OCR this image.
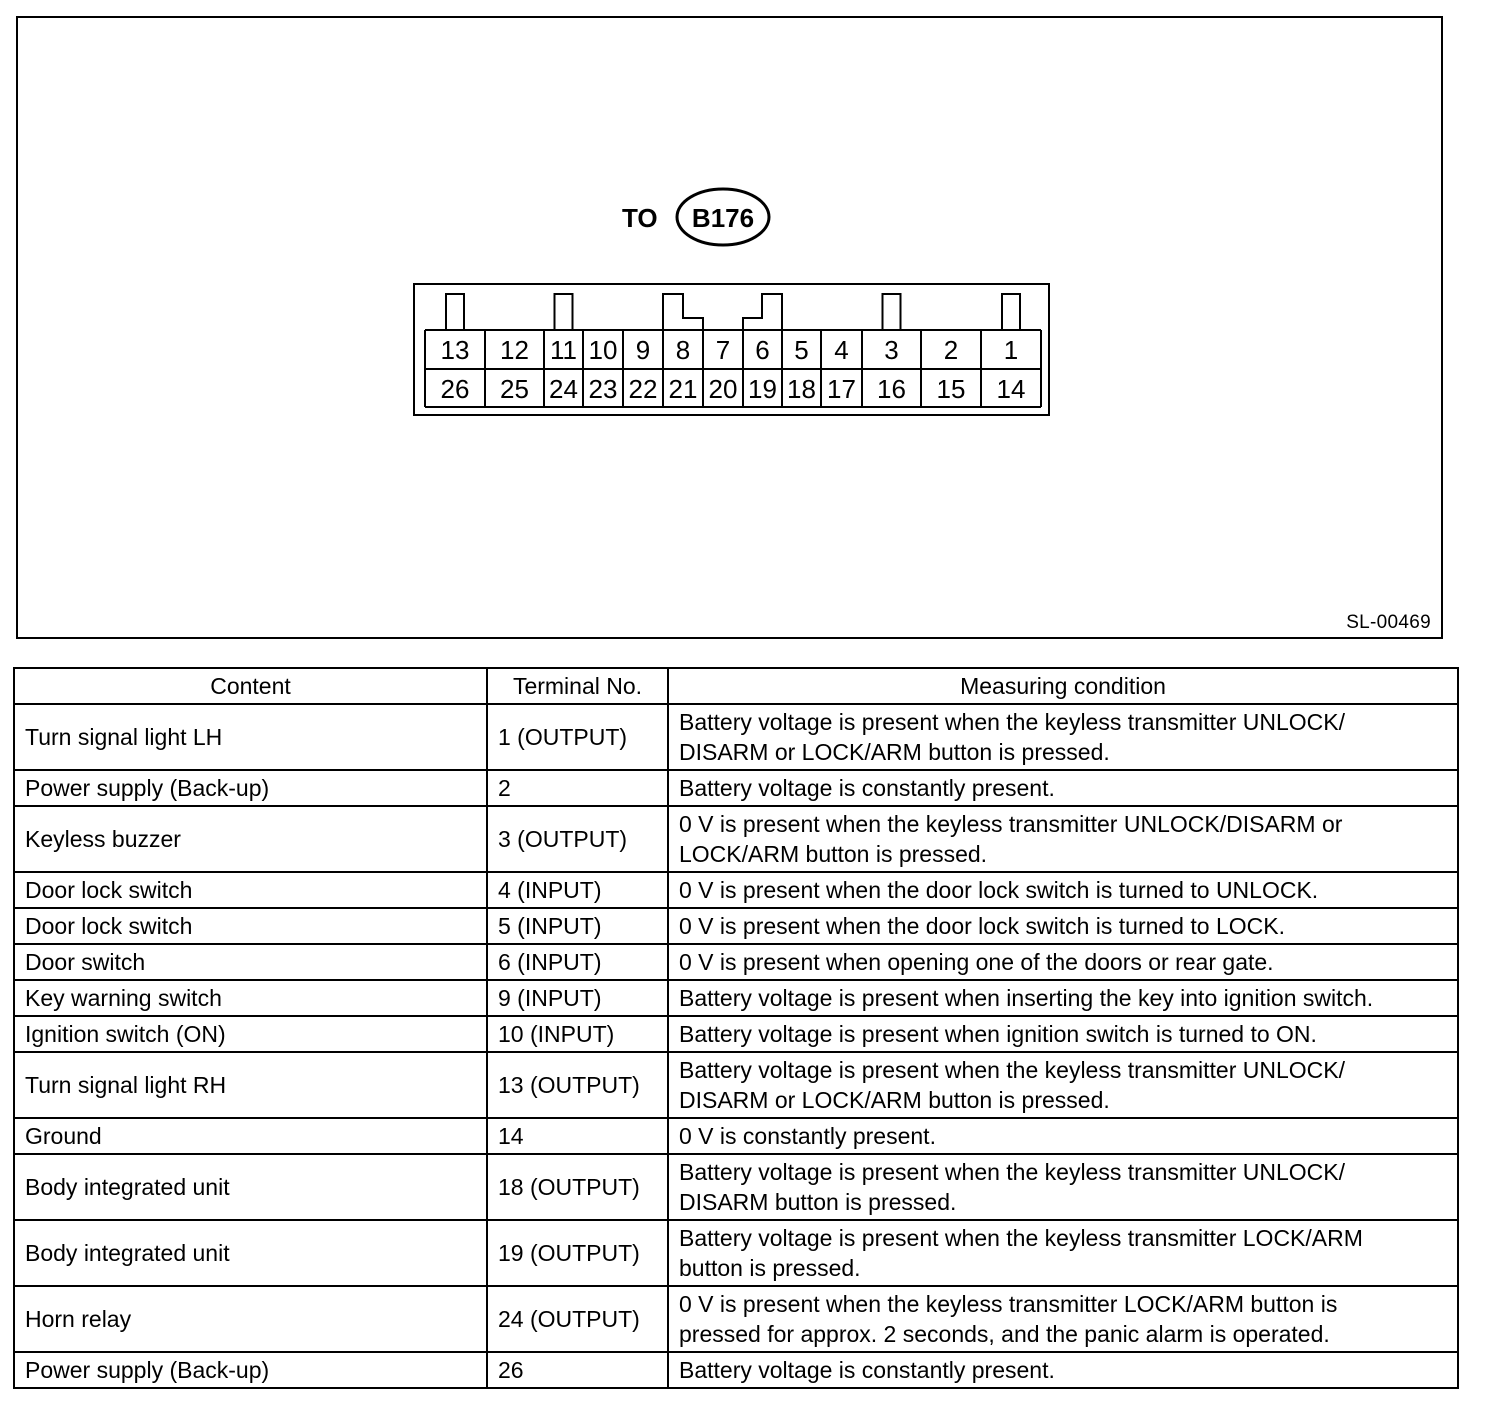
TO B176
13 12 11 10 9 8 7 6 5 4 3 2 1
26 25 24 23 22 21 20 19 18 17 16 15 14
SL-00469
Content	Terminal No.	Measuring condition
Turn signal light LH	1 (OUTPUT)	Battery voltage is present when the keyless transmitter UNLOCK/
DISARM or LOCK/ARM button is pressed.

Power supply (Back-up)	2	Battery voltage is constantly present.

Keyless buzzer	3 (OUTPUT)	0 V is present when the keyless transmitter UNLOCK/DISARM or
LOCK/ARM button is pressed.

Door lock switch	4 (INPUT)	0 V is present when the door lock switch is turned to UNLOCK.

Door lock switch	5 (INPUT)	0 V is present when the door lock switch is turned to LOCK.

Door switch	6 (INPUT)	0 V is present when opening one of the doors or rear gate.

Key warning switch	9 (INPUT)	Battery voltage is present when inserting the key into ignition switch.

Ignition switch (ON)	10 (INPUT)	Battery voltage is present when ignition switch is turned to ON.

Turn signal light RH	13 (OUTPUT)	Battery voltage is present when the keyless transmitter UNLOCK/
DISARM or LOCK/ARM button is pressed.

Ground	14	0 V is constantly present.

Body integrated unit	18 (OUTPUT)	Battery voltage is present when the keyless transmitter UNLOCK/
DISARM button is pressed.

Body integrated unit	19 (OUTPUT)	Battery voltage is present when the keyless transmitter LOCK/ARM
button is pressed.

Horn relay	24 (OUTPUT)	0 V is present when the keyless transmitter LOCK/ARM button is
pressed for approx. 2 seconds, and the panic alarm is operated.

Power supply (Back-up)	26	Battery voltage is constantly present.
